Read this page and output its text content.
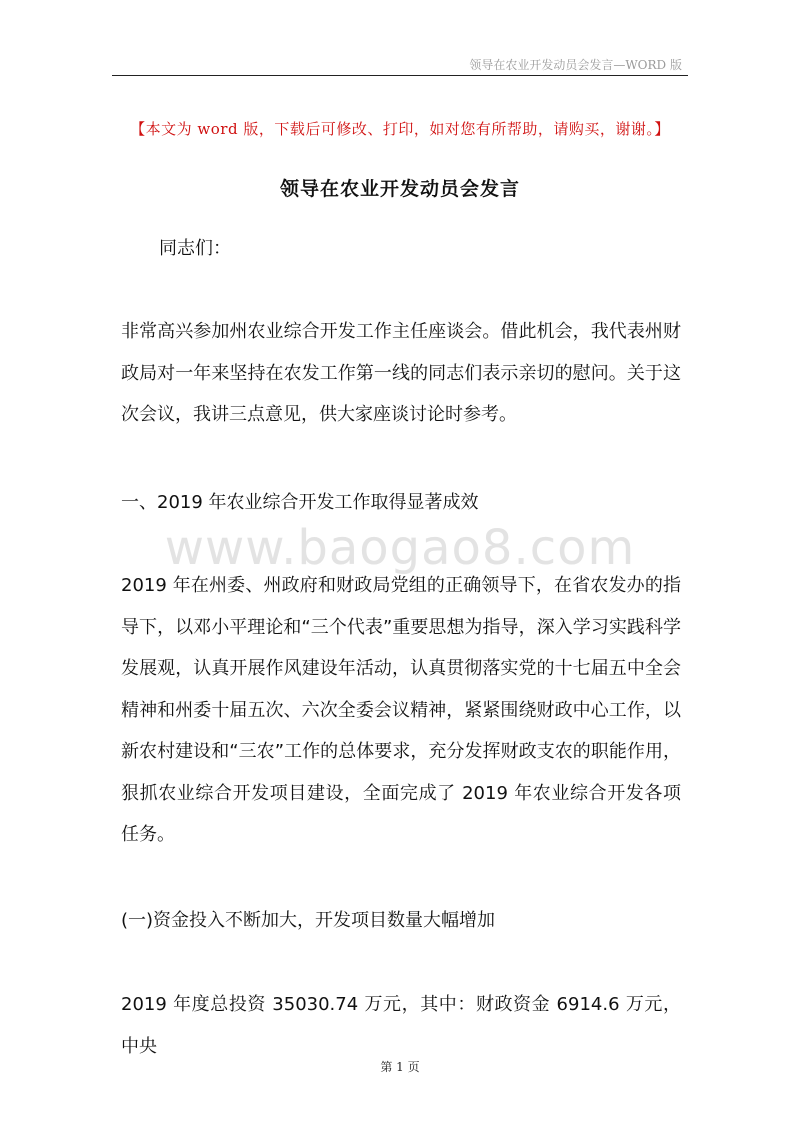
领导在农业开发动员会发言—WORD 版
【本文为 word 版，下载后可修改、打印，如对您有所帮助，请购买，谢谢。】
领导在农业开发动员会发言

同志们：

非常高兴参加州农业综合开发工作主任座谈会。借此机会，我代表州财政局对一年来坚持在农发工作第一线的同志们表示亲切的慰问。关于这次会议，我讲三点意见，供大家座谈讨论时参考。

一、2019 年农业综合开发工作取得显著成效

www.baogao8.com

2019 年在州委、州政府和财政局党组的正确领导下，在省农发办的指导下，以邓小平理论和“三个代表”重要思想为指导，深入学习实践科学发展观，认真开展作风建设年活动，认真贯彻落实党的十七届五中全会精神和州委十届五次、六次全委会议精神，紧紧围绕财政中心工作，以新农村建设和“三农”工作的总体要求，充分发挥财政支农的职能作用，狠抓农业综合开发项目建设，全面完成了 2019 年农业综合开发各项任务。

(一)资金投入不断加大，开发项目数量大幅增加

2019 年度总投资 35030.74 万元，其中：财政资金 6914.6 万元，中央

第 1 页
